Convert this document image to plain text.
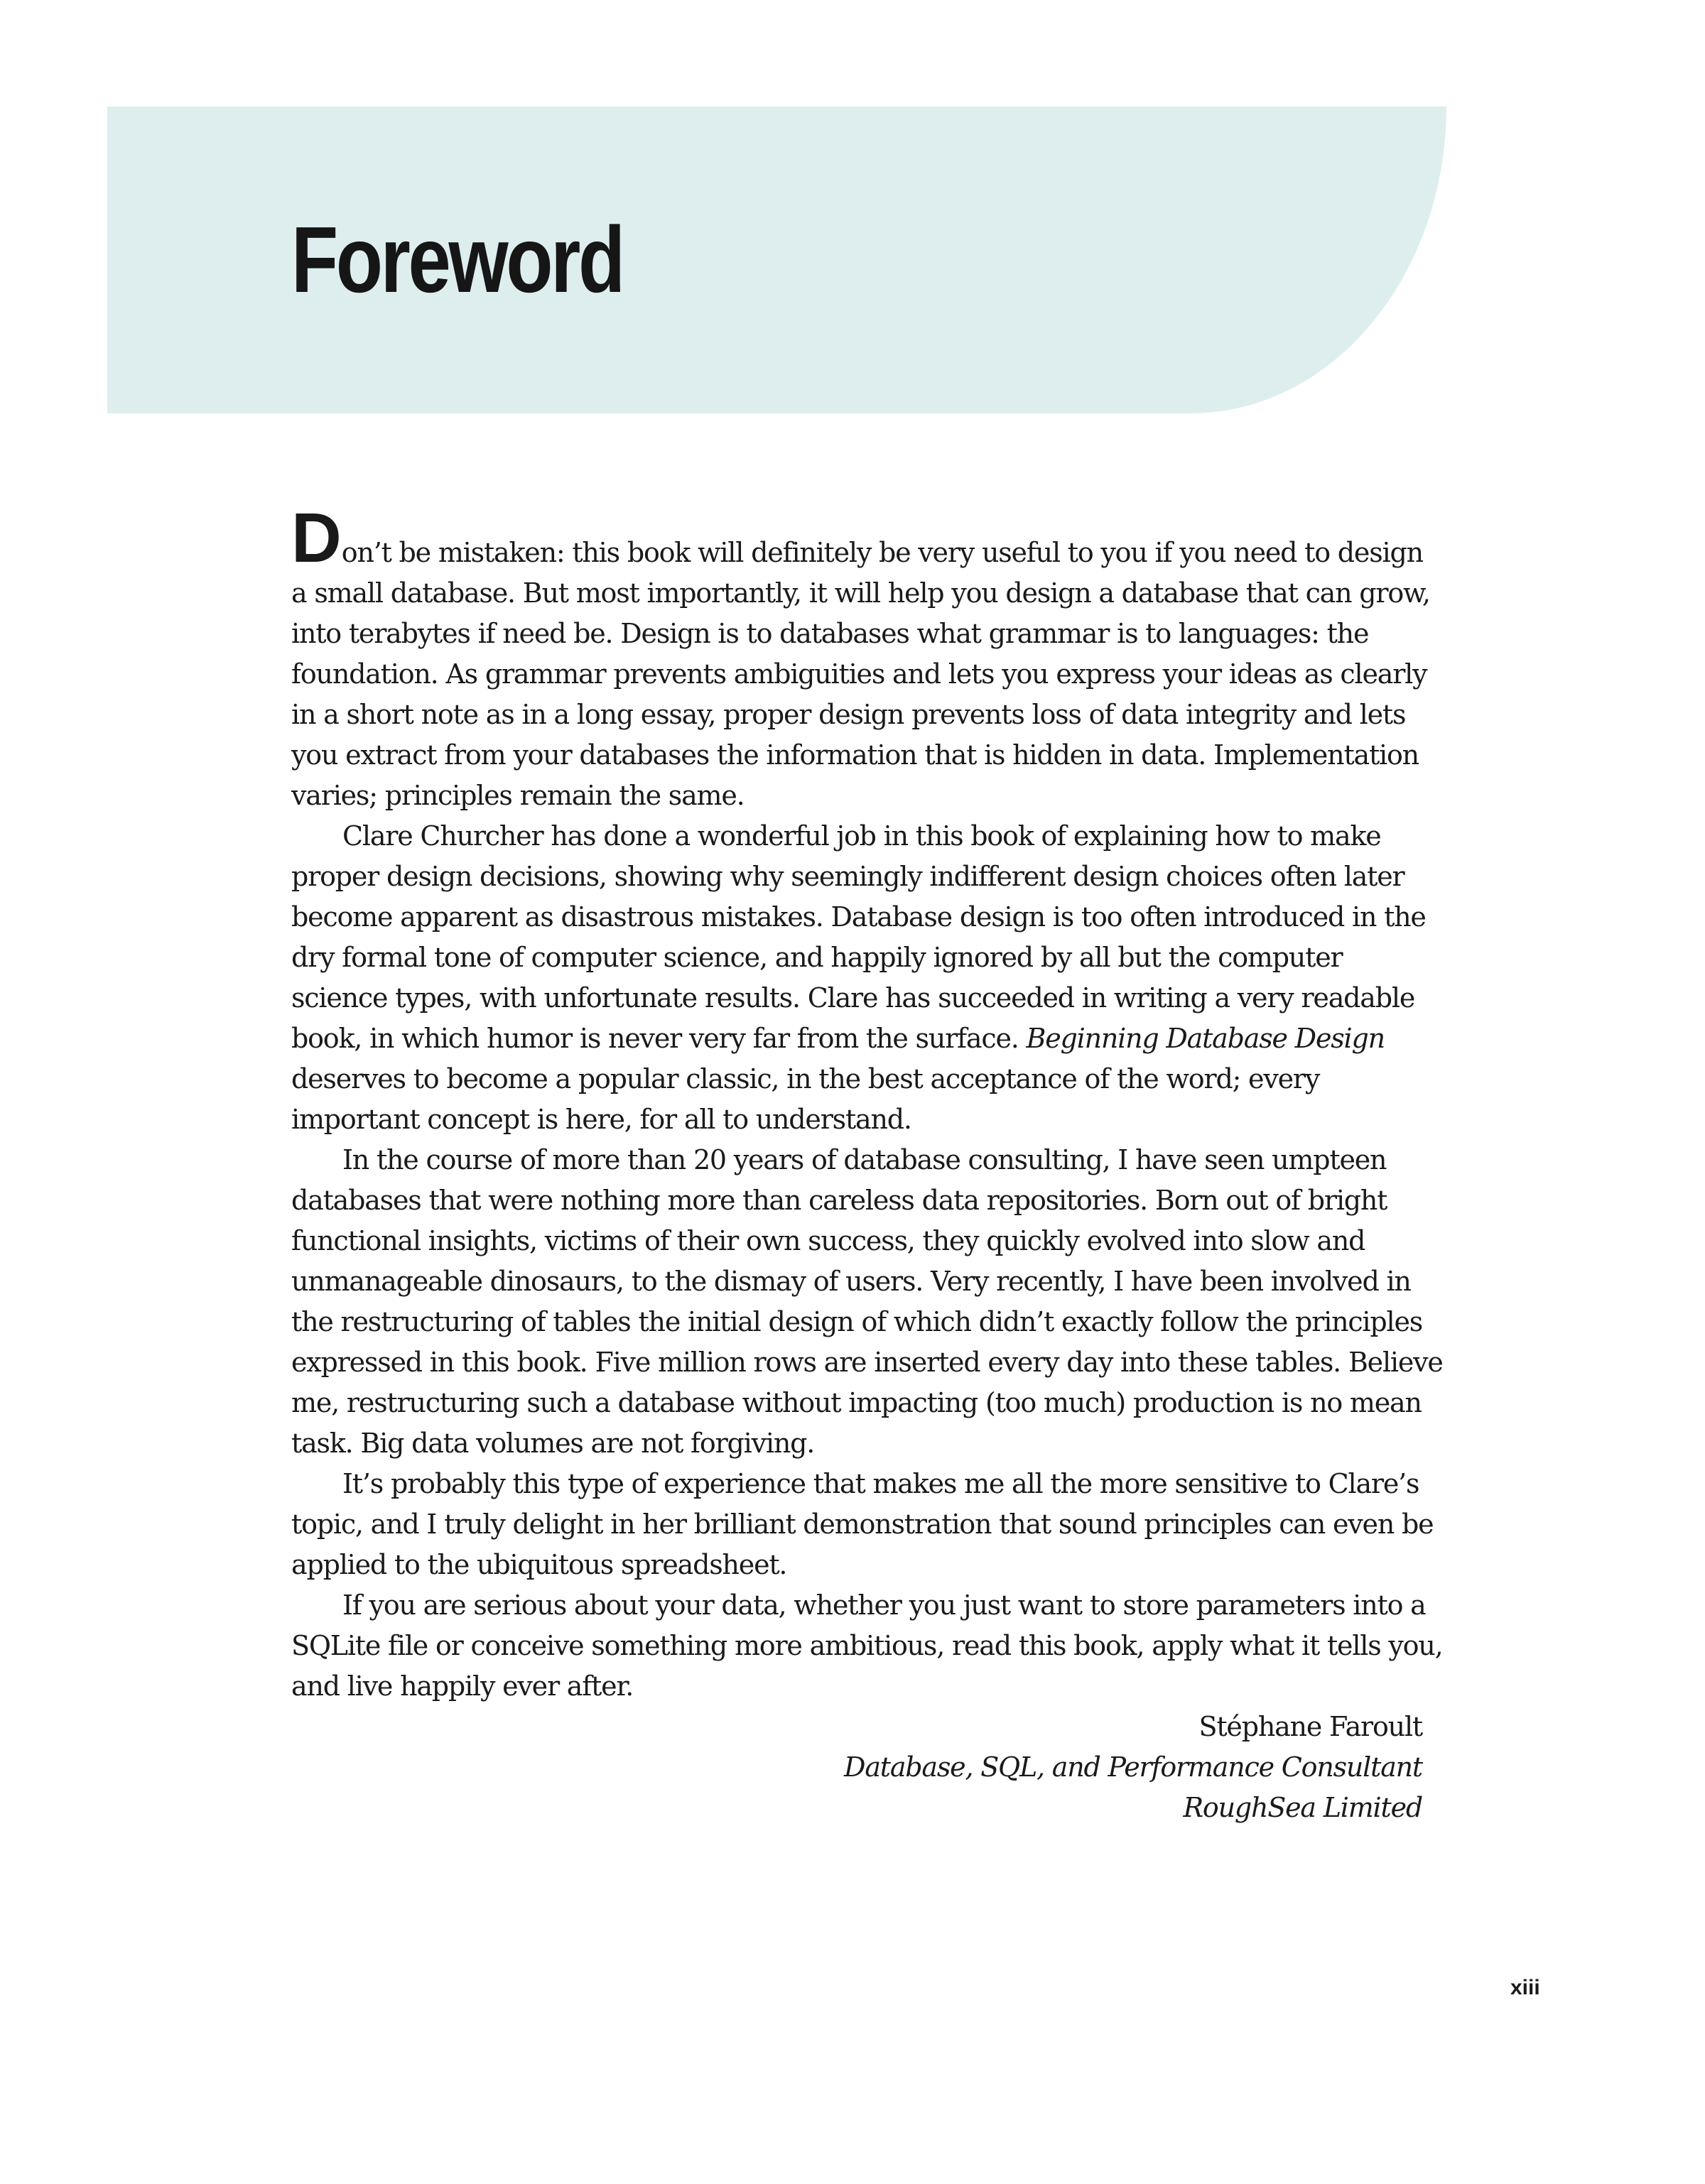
Foreword

Don’t be mistaken: this book will definitely be very useful to you if you need to design a small database. But most importantly, it will help you design a database that can grow, into terabytes if need be. Design is to databases what grammar is to languages: the foundation. As grammar prevents ambiguities and lets you express your ideas as clearly in a short note as in a long essay, proper design prevents loss of data integrity and lets you extract from your databases the information that is hidden in data. Implementation varies; principles remain the same.

Clare Churcher has done a wonderful job in this book of explaining how to make proper design decisions, showing why seemingly indifferent design choices often later become apparent as disastrous mistakes. Database design is too often introduced in the dry formal tone of computer science, and happily ignored by all but the computer science types, with unfortunate results. Clare has succeeded in writing a very readable book, in which humor is never very far from the surface. Beginning Database Design deserves to become a popular classic, in the best acceptance of the word; every important concept is here, for all to understand.

In the course of more than 20 years of database consulting, I have seen umpteen databases that were nothing more than careless data repositories. Born out of bright functional insights, victims of their own success, they quickly evolved into slow and unmanageable dinosaurs, to the dismay of users. Very recently, I have been involved in the restructuring of tables the initial design of which didn’t exactly follow the principles expressed in this book. Five million rows are inserted every day into these tables. Believe me, restructuring such a database without impacting (too much) production is no mean task. Big data volumes are not forgiving.

It’s probably this type of experience that makes me all the more sensitive to Clare’s topic, and I truly delight in her brilliant demonstration that sound principles can even be applied to the ubiquitous spreadsheet.

If you are serious about your data, whether you just want to store parameters into a SQLite file or conceive something more ambitious, read this book, apply what it tells you, and live happily ever after.

Stéphane Faroult
Database, SQL, and Performance Consultant
RoughSea Limited
xiii
